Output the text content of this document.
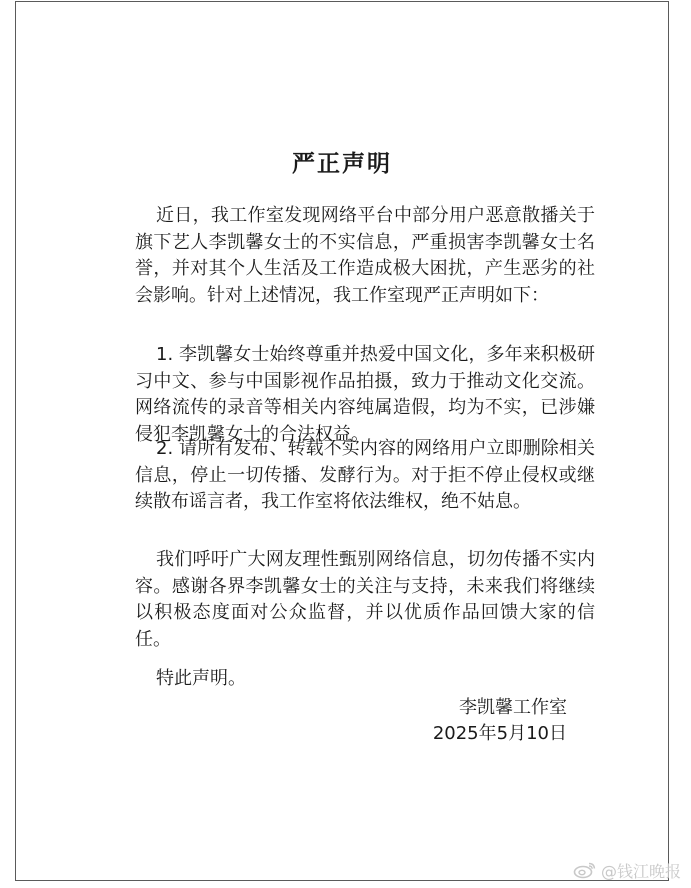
严正声明

近日，我工作室发现网络平台中部分用户恶意散播关于旗下艺人李凯馨女士的不实信息，严重损害李凯馨女士名誉，并对其个人生活及工作造成极大困扰，产生恶劣的社会影响。针对上述情况，我工作室现严正声明如下：

1. 李凯馨女士始终尊重并热爱中国文化，多年来积极研习中文、参与中国影视作品拍摄，致力于推动文化交流。网络流传的录音等相关内容纯属造假，均为不实，已涉嫌侵犯李凯馨女士的合法权益。

2. 请所有发布、转载不实内容的网络用户立即删除相关信息，停止一切传播、发酵行为。对于拒不停止侵权或继续散布谣言者，我工作室将依法维权，绝不姑息。

我们呼吁广大网友理性甄别网络信息，切勿传播不实内容。感谢各界李凯馨女士的关注与支持，未来我们将继续以积极态度面对公众监督，并以优质作品回馈大家的信任。

特此声明。

李凯馨工作室
2025年5月10日
@钱江晚报
